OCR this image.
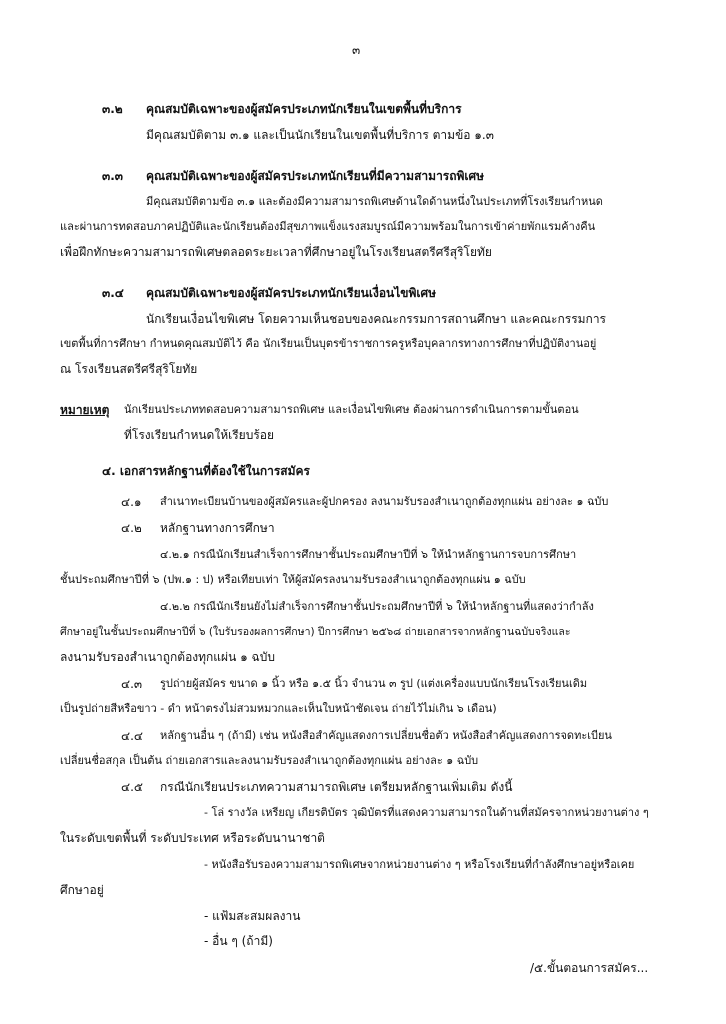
๓
๓.๒ คุณสมบัติเฉพาะของผู้สมัครประเภทนักเรียนในเขตพื้นที่บริการ
มีคุณสมบัติตาม ๓.๑ และเป็นนักเรียนในเขตพื้นที่บริการ ตามข้อ ๑.๓
๓.๓ คุณสมบัติเฉพาะของผู้สมัครประเภทนักเรียนที่มีความสามารถพิเศษ
มีคุณสมบัติตามข้อ ๓.๑ และต้องมีความสามารถพิเศษด้านใดด้านหนึ่งในประเภทที่โรงเรียนกำหนด
และผ่านการทดสอบภาคปฏิบัติและนักเรียนต้องมีสุขภาพแข็งแรงสมบูรณ์มีความพร้อมในการเข้าค่ายพักแรมค้างคืน
เพื่อฝึกทักษะความสามารถพิเศษตลอดระยะเวลาที่ศึกษาอยู่ในโรงเรียนสตรีศรีสุริโยทัย
๓.๔ คุณสมบัติเฉพาะของผู้สมัครประเภทนักเรียนเงื่อนไขพิเศษ
นักเรียนเงื่อนไขพิเศษ โดยความเห็นชอบของคณะกรรมการสถานศึกษา และคณะกรรมการ
เขตพื้นที่การศึกษา กำหนดคุณสมบัติไว้ คือ นักเรียนเป็นบุตรข้าราชการครูหรือบุคลากรทางการศึกษาที่ปฏิบัติงานอยู่
ณ โรงเรียนสตรีศรีสุริโยทัย
หมายเหตุ นักเรียนประเภททดสอบความสามารถพิเศษ และเงื่อนไขพิเศษ ต้องผ่านการดำเนินการตามขั้นตอน
ที่โรงเรียนกำหนดให้เรียบร้อย
๔. เอกสารหลักฐานที่ต้องใช้ในการสมัคร
๔.๑ สำเนาทะเบียนบ้านของผู้สมัครและผู้ปกครอง ลงนามรับรองสำเนาถูกต้องทุกแผ่น อย่างละ ๑ ฉบับ
๔.๒ หลักฐานทางการศึกษา
๔.๒.๑ กรณีนักเรียนสำเร็จการศึกษาชั้นประถมศึกษาปีที่ ๖ ให้นำหลักฐานการจบการศึกษา
ชั้นประถมศึกษาปีที่ ๖ (ปพ.๑ : ป) หรือเทียบเท่า ให้ผู้สมัครลงนามรับรองสำเนาถูกต้องทุกแผ่น ๑ ฉบับ
๔.๒.๒ กรณีนักเรียนยังไม่สำเร็จการศึกษาชั้นประถมศึกษาปีที่ ๖ ให้นำหลักฐานที่แสดงว่ากำลัง
ศึกษาอยู่ในชั้นประถมศึกษาปีที่ ๖ (ใบรับรองผลการศึกษา) ปีการศึกษา ๒๕๖๘ ถ่ายเอกสารจากหลักฐานฉบับจริงและ
ลงนามรับรองสำเนาถูกต้องทุกแผ่น ๑ ฉบับ
๔.๓ รูปถ่ายผู้สมัคร ขนาด ๑ นิ้ว หรือ ๑.๕ นิ้ว จำนวน ๓ รูป (แต่งเครื่องแบบนักเรียนโรงเรียนเดิม
เป็นรูปถ่ายสีหรือขาว - ดำ หน้าตรงไม่สวมหมวกและเห็นใบหน้าชัดเจน ถ่ายไว้ไม่เกิน ๖ เดือน)
๔.๔ หลักฐานอื่น ๆ (ถ้ามี) เช่น หนังสือสำคัญแสดงการเปลี่ยนชื่อตัว หนังสือสำคัญแสดงการจดทะเบียน
เปลี่ยนชื่อสกุล เป็นต้น ถ่ายเอกสารและลงนามรับรองสำเนาถูกต้องทุกแผ่น อย่างละ ๑ ฉบับ
๔.๕ กรณีนักเรียนประเภทความสามารถพิเศษ เตรียมหลักฐานเพิ่มเติม ดังนี้
- โล่ รางวัล เหรียญ เกียรติบัตร วุฒิบัตรที่แสดงความสามารถในด้านที่สมัครจากหน่วยงานต่าง ๆ
ในระดับเขตพื้นที่ ระดับประเทศ หรือระดับนานาชาติ
- หนังสือรับรองความสามารถพิเศษจากหน่วยงานต่าง ๆ หรือโรงเรียนที่กำลังศึกษาอยู่หรือเคย
ศึกษาอยู่
- แฟ้มสะสมผลงาน
- อื่น ๆ (ถ้ามี)
/๕.ขั้นตอนการสมัคร...
